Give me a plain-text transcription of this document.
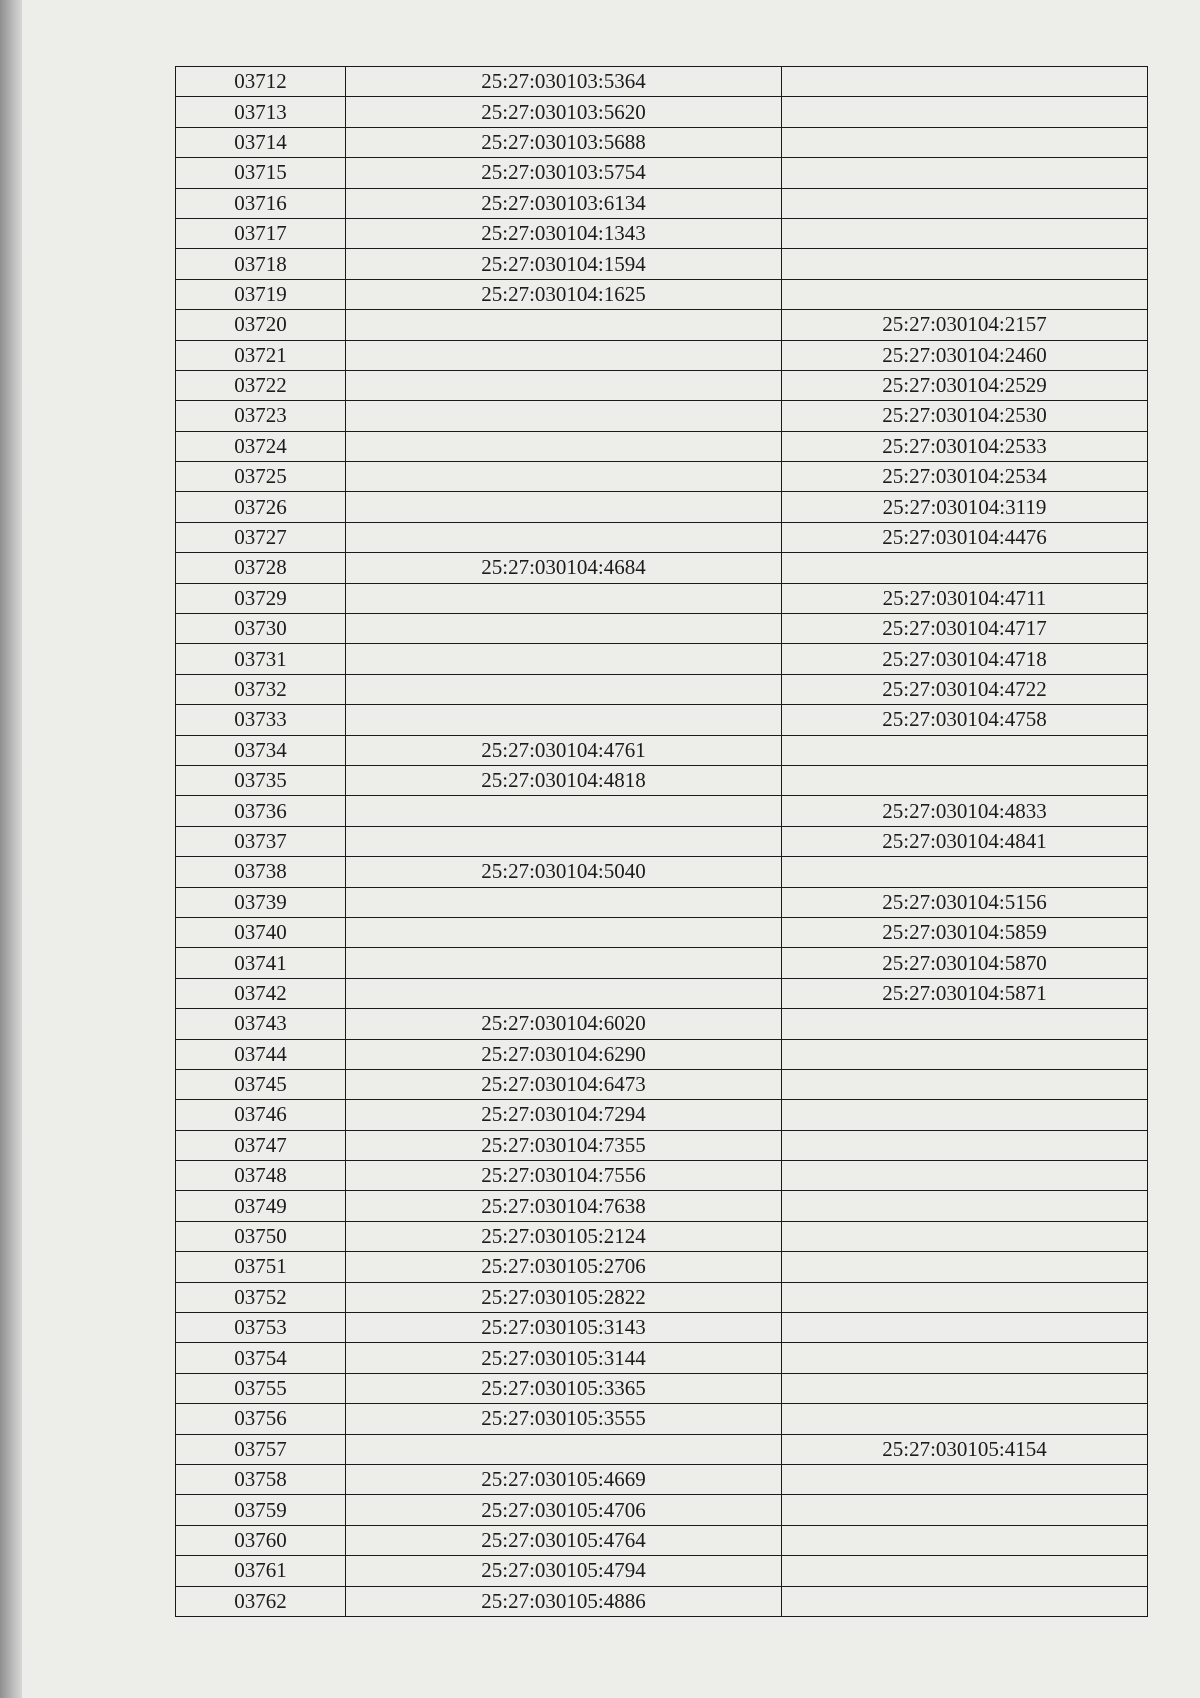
03712	25:27:030103:5364	
03713	25:27:030103:5620	
03714	25:27:030103:5688	
03715	25:27:030103:5754	
03716	25:27:030103:6134	
03717	25:27:030104:1343	
03718	25:27:030104:1594	
03719	25:27:030104:1625	
03720		25:27:030104:2157
03721		25:27:030104:2460
03722		25:27:030104:2529
03723		25:27:030104:2530
03724		25:27:030104:2533
03725		25:27:030104:2534
03726		25:27:030104:3119
03727		25:27:030104:4476
03728	25:27:030104:4684	
03729		25:27:030104:4711
03730		25:27:030104:4717
03731		25:27:030104:4718
03732		25:27:030104:4722
03733		25:27:030104:4758
03734	25:27:030104:4761	
03735	25:27:030104:4818	
03736		25:27:030104:4833
03737		25:27:030104:4841
03738	25:27:030104:5040	
03739		25:27:030104:5156
03740		25:27:030104:5859
03741		25:27:030104:5870
03742		25:27:030104:5871
03743	25:27:030104:6020	
03744	25:27:030104:6290	
03745	25:27:030104:6473	
03746	25:27:030104:7294	
03747	25:27:030104:7355	
03748	25:27:030104:7556	
03749	25:27:030104:7638	
03750	25:27:030105:2124	
03751	25:27:030105:2706	
03752	25:27:030105:2822	
03753	25:27:030105:3143	
03754	25:27:030105:3144	
03755	25:27:030105:3365	
03756	25:27:030105:3555	
03757		25:27:030105:4154
03758	25:27:030105:4669	
03759	25:27:030105:4706	
03760	25:27:030105:4764	
03761	25:27:030105:4794	
03762	25:27:030105:4886	
